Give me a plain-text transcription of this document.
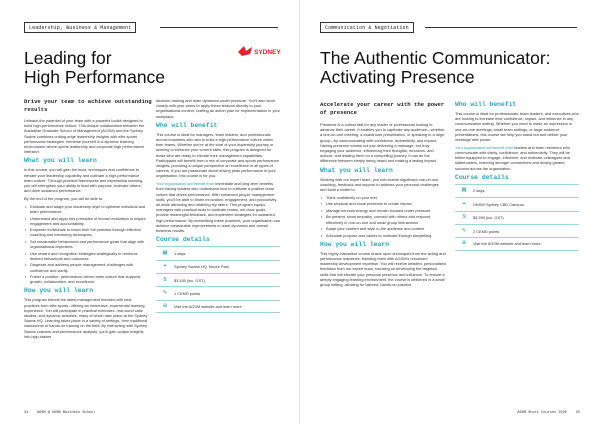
Leadership, Business & Management
Leading for
High Performance
SYDNEY
Drive your team to achieve outstanding results

Unleash the potential of your team with a powerful toolkit designed to build high-performance culture. This unique collaboration between the Australian Graduate School of Management (AGSM) and the Sydney Swans combines cutting-edge leadership insights with elite sports performance strategies. Immerse yourself in a dynamic learning environment where sports leadership and corporate high performance intersect.

What you will learn

In this course, you will gain the tools, techniques and confidence to elevate your leadership capability and cultivate a high-performance team culture. Through practical frameworks and experiential learning, you will strengthen your ability to lead with purpose, motivate others, and drive sustained performance.

By the end of the program, you will be able to:

• Evaluate and adapt your leadership style to optimise individual and team performance.
• Understand and apply key principles of human motivation to inspire engagement and accountability.
• Empower individuals to reach their full potential through effective coaching and mentoring techniques.
• Set measurable behavioural and performance goals that align with organisational objectives.
• Use reward and recognition strategies strategically to reinforce desired behaviours and outcomes.
• Diagnose and address people management challenges with confidence and clarity.
• Foster a positive, performance-driven team culture that supports growth, collaboration, and excellence.
How you will learn

This program blends the latest management theories with best practices from elite sports, offering an immersive, experiential learning experience. You will participate in practical exercises, real-world case studies, and dynamic activities, many of which take place at the Sydney Swans HQ. Learning takes place in a variety of settings, from traditional classrooms to hands-on training on the field. By interacting with Sydney Swans coaches and performance analysts, you'll gain unique insights into high-stakes

decision-making and team dynamics under pressure. You'll also work closely with your peers to apply these lessons directly to your organisational context, crafting an action plan for implementation in your workplace.

Who will benefit

This course is ideal for managers, team leaders, and professionals across industries who aim to build a high-performance culture within their teams. Whether you're at the start of your leadership journey or seeking to enhance your current skills, this program is designed for those who are ready to elevate their management capabilities. Participants will benefit from a mix of corporate and sports performance insights, providing a unique perspective on excellence in all types of careers. If you are passionate about driving peak performance in your organisation, this course is for you.

Your organisation will benefit from immediate and long-term benefits from having leaders who understand how to cultivate a positive team culture that drives performance. With enhanced people management skills, you'll be able to foster innovation, engagement, and productivity, all while attracting and retaining top talent. This program equips managers with practical tools to motivate teams, set clear goals, provide meaningful feedback, and implement strategies for sustained high performance. By embedding these practices, your organisation can achieve measurable improvements in team dynamics and overall business results.

Course details
▦	1 days
⌖	Sydney Swans HQ, Moore Park
$	$3,450 (inc. GST)
✎	1 CEMD points
⊕	Visit the AGSM website and learn more.
34 AGSM @ UNSW Business School
Communication & Negotiation
The Authentic Communicator:
Activating Presence
Accelerate your career with the power of presence

Presence is a critical skill for any leader or professional looking to advance their career. It enables you to captivate any audience—whether a one-on-one meeting, a boardroom presentation, or speaking to a large group—by communicating with confidence, authenticity, and impact. Having presence means not just delivering a message, but truly engaging your audience, influencing their thoughts, emotions, and actions, and leading them on a compelling journey. It can be the difference between simply being heard and making a lasting impact.

What you will learn

Working with our expert team, you will receive significant one-on-one coaching, feedback and support to address your personal challenges and build a toolkit to:

• Think confidently on your feet
• Use physical and vocal presence to create impact
• Manage nervous energy and remain focused under pressure
• Be present, show empathy, connect with others and respond effectively in one-on-one and small group interactions
• Adapt your content and style to the audience and context
• Articulate purpose and values to motivate through storytelling.
How you will learn

This highly interactive course draws upon techniques from the acting and performance industries, blending them with AGSM's renowned leadership development expertise. You will receive detailed, personalised feedback from our expert team, focusing on developing the targeted skills that will elevate your personal presence and influence. To ensure a deeply engaging learning environment, the course is delivered in a small group setting, allowing for tailored, hands-on practice.

Who will benefit

This course is ideal for professionals, team leaders, and executives who are looking to increase their confidence, impact, and influence in any communication setting. Whether you need to make an impression in one-on-one meetings, small team settings, or large audience presentations, this course will help you stand out and deliver your message with power.

Your organisation will benefit from leaders and team members who communicate with clarity, confidence, and authenticity. They will be better equipped to engage, influence, and motivate colleagues and stakeholders, fostering stronger connections and driving greater success across the organisation.

Course details
▦	2 days
⌖	UNSW Sydney CBD Campus
$	$3,990 (inc. GST)
✎	2 CEMD points
⊕	Visit the AGSM website and learn more.
AGSM Short Courses 2025 35
